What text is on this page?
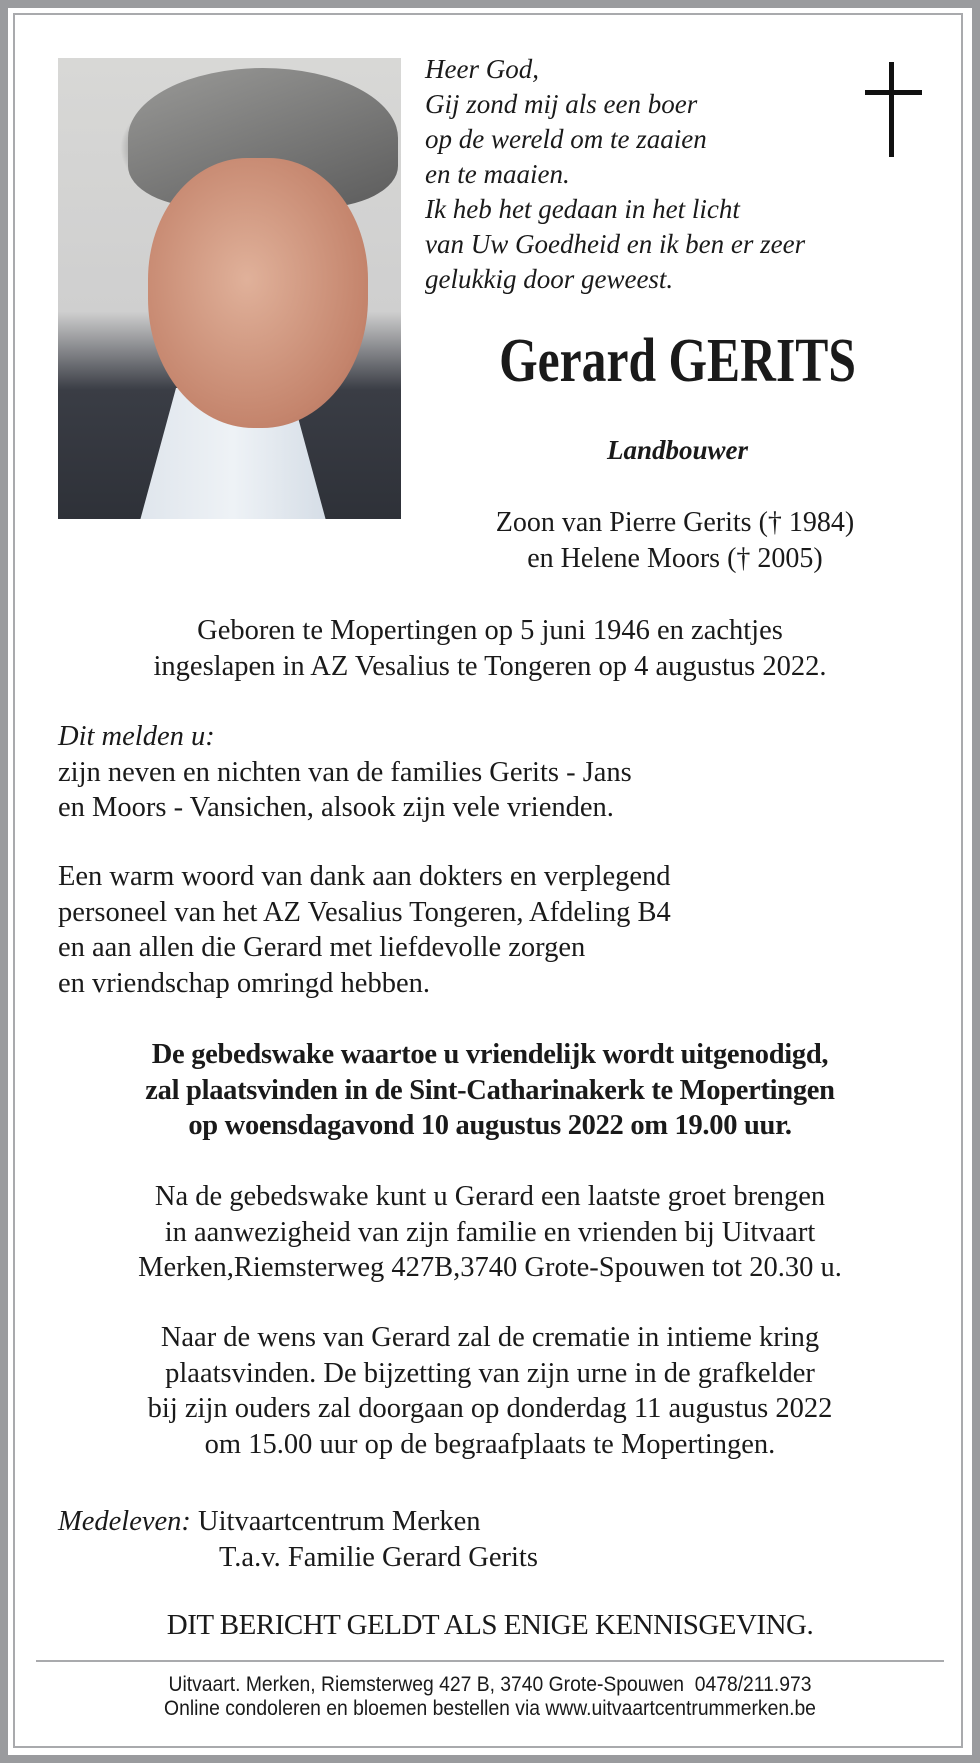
Heer God,
Gij zond mij als een boer
op de wereld om te zaaien
en te maaien.
Ik heb het gedaan in het licht
van Uw Goedheid en ik ben er zeer
gelukkig door geweest.
Gerard GERITS
Landbouwer
Zoon van Pierre Gerits († 1984)
en Helene Moors († 2005)
Geboren te Mopertingen op 5 juni 1946 en zachtjes
ingeslapen in AZ Vesalius te Tongeren op 4 augustus 2022.
Dit melden u:
zijn neven en nichten van de families Gerits - Jans
en Moors - Vansichen, alsook zijn vele vrienden.
Een warm woord van dank aan dokters en verplegend
personeel van het AZ Vesalius Tongeren, Afdeling B4
en aan allen die Gerard met liefdevolle zorgen
en vriendschap omringd hebben.
De gebedswake waartoe u vriendelijk wordt uitgenodigd,
zal plaatsvinden in de Sint-Catharinakerk te Mopertingen
op woensdagavond 10 augustus 2022 om 19.00 uur.
Na de gebedswake kunt u Gerard een laatste groet brengen
in aanwezigheid van zijn familie en vrienden bij Uitvaart
Merken,Riemsterweg 427B,3740 Grote-Spouwen tot 20.30 u.
Naar de wens van Gerard zal de crematie in intieme kring
plaatsvinden. De bijzetting van zijn urne in de grafkelder
bij zijn ouders zal doorgaan op donderdag 11 augustus 2022
om 15.00 uur op de begraafplaats te Mopertingen.
Medeleven: Uitvaartcentrum Merken
T.a.v. Familie Gerard Gerits
DIT BERICHT GELDT ALS ENIGE KENNISGEVING.
Uitvaart. Merken, Riemsterweg 427 B, 3740 Grote-Spouwen  0478/211.973
Online condoleren en bloemen bestellen via www.uitvaartcentrummerken.be
